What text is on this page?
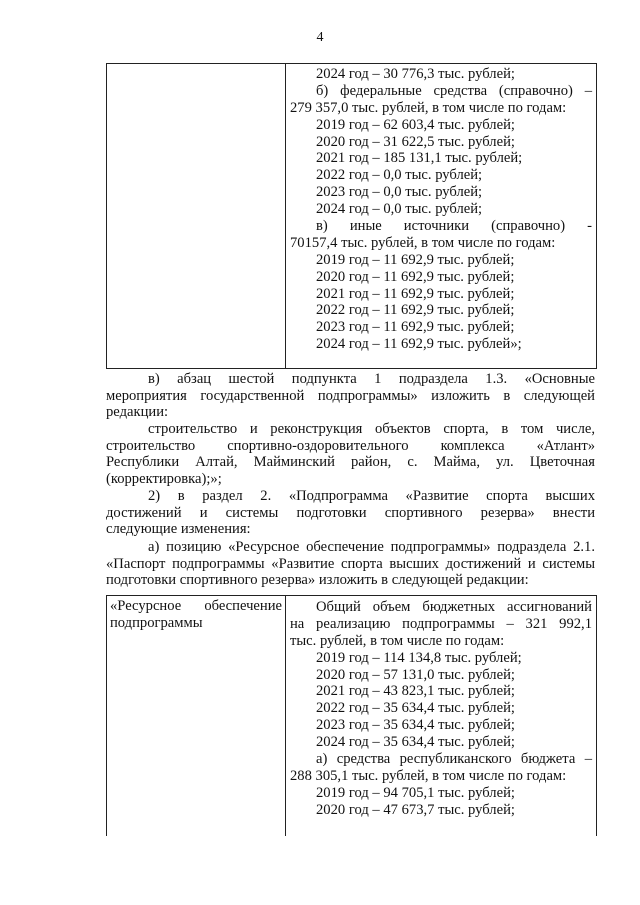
4
2024 год – 30 776,3 тыс. рублей;
б) федеральные средства (справочно) –
279 357,0 тыс. рублей, в том числе по годам:
2019 год – 62 603,4 тыс. рублей;
2020 год – 31 622,5 тыс. рублей;
2021 год – 185 131,1 тыс. рублей;
2022 год – 0,0 тыс. рублей;
2023 год – 0,0 тыс. рублей;
2024 год – 0,0 тыс. рублей;
в) иные источники (справочно) -
70157,4 тыс. рублей, в том числе по годам:
2019 год – 11 692,9 тыс. рублей;
2020 год – 11 692,9 тыс. рублей;
2021 год – 11 692,9 тыс. рублей;
2022 год – 11 692,9 тыс. рублей;
2023 год – 11 692,9 тыс. рублей;
2024 год – 11 692,9 тыс. рублей»;
в) абзац шестой подпункта 1 подраздела 1.3. «Основные
мероприятия государственной подпрограммы» изложить в следующей
редакции:
строительство и реконструкция объектов спорта, в том числе,
строительство спортивно-оздоровительного комплекса «Атлант»
Республики Алтай, Майминский район, с. Майма, ул. Цветочная
(корректировка);»;
2) в раздел 2. «Подпрограмма «Развитие спорта высших
достижений и системы подготовки спортивного резерва» внести
следующие изменения:
а) позицию «Ресурсное обеспечение подпрограммы» подраздела 2.1.
«Паспорт подпрограммы «Развитие спорта высших достижений и системы
подготовки спортивного резерва» изложить в следующей редакции:
«Ресурсное обеспечение
подпрограммы
Общий объем бюджетных ассигнований
на реализацию подпрограммы – 321 992,1
тыс. рублей, в том числе по годам:
2019 год – 114 134,8 тыс. рублей;
2020 год – 57 131,0 тыс. рублей;
2021 год – 43 823,1 тыс. рублей;
2022 год – 35 634,4 тыс. рублей;
2023 год – 35 634,4 тыс. рублей;
2024 год – 35 634,4 тыс. рублей;
а) средства республиканского бюджета –
288 305,1 тыс. рублей, в том числе по годам:
2019 год – 94 705,1 тыс. рублей;
2020 год – 47 673,7 тыс. рублей;
